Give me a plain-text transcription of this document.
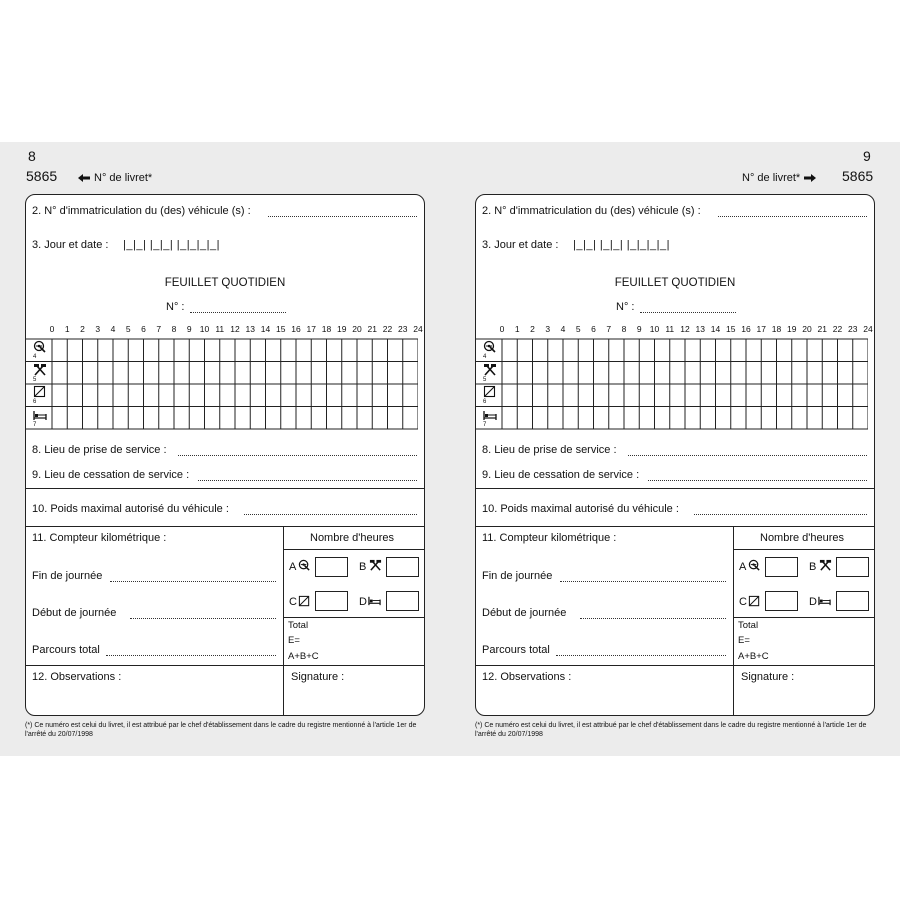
8
5865	N° de livret*
2. N° d'immatriculation du (des) véhicule (s) :
3. Jour et date : |_|_| |_|_| |_|_|_|_|
FEUILLET QUOTIDIEN
N° :
0	1	2	3	4	5	6	7	8	9 10 11 12 13 14 15 16 17 18 19 20 21 22 23 24
4
5
6
7
8. Lieu de prise de service :
9. Lieu de cessation de service :
10. Poids maximal autorisé du véhicule :
11. Compteur kilométrique :	Nombre d'heures
Fin de journée
Début de journée
Parcours total
A	B
C	D
Total
E=
A+B+C
12. Observations :	Signature :
(*) Ce numéro est celui du livret, il est attribué par le chef d'établissement dans le cadre du registre mentionné à l'article 1er de l'arrêté du 20/07/1998
9
5865
N° de livret*
2. N° d'immatriculation du (des) véhicule (s) :
3. Jour et date : |_|_| |_|_| |_|_|_|_|
FEUILLET QUOTIDIEN
N° :
0	1	2	3	4	5	6	7	8	9 10 11 12 13 14 15 16 17 18 19 20 21 22 23 24
4
5
6
7
8. Lieu de prise de service :
9. Lieu de cessation de service :
10. Poids maximal autorisé du véhicule :
11. Compteur kilométrique :	Nombre d'heures
Fin de journée
Début de journée
Parcours total
A	B
C	D
Total
E=
A+B+C
12. Observations :	Signature :
(*) Ce numéro est celui du livret, il est attribué par le chef d'établissement dans le cadre du registre mentionné à l'article 1er de l'arrêté du 20/07/1998
